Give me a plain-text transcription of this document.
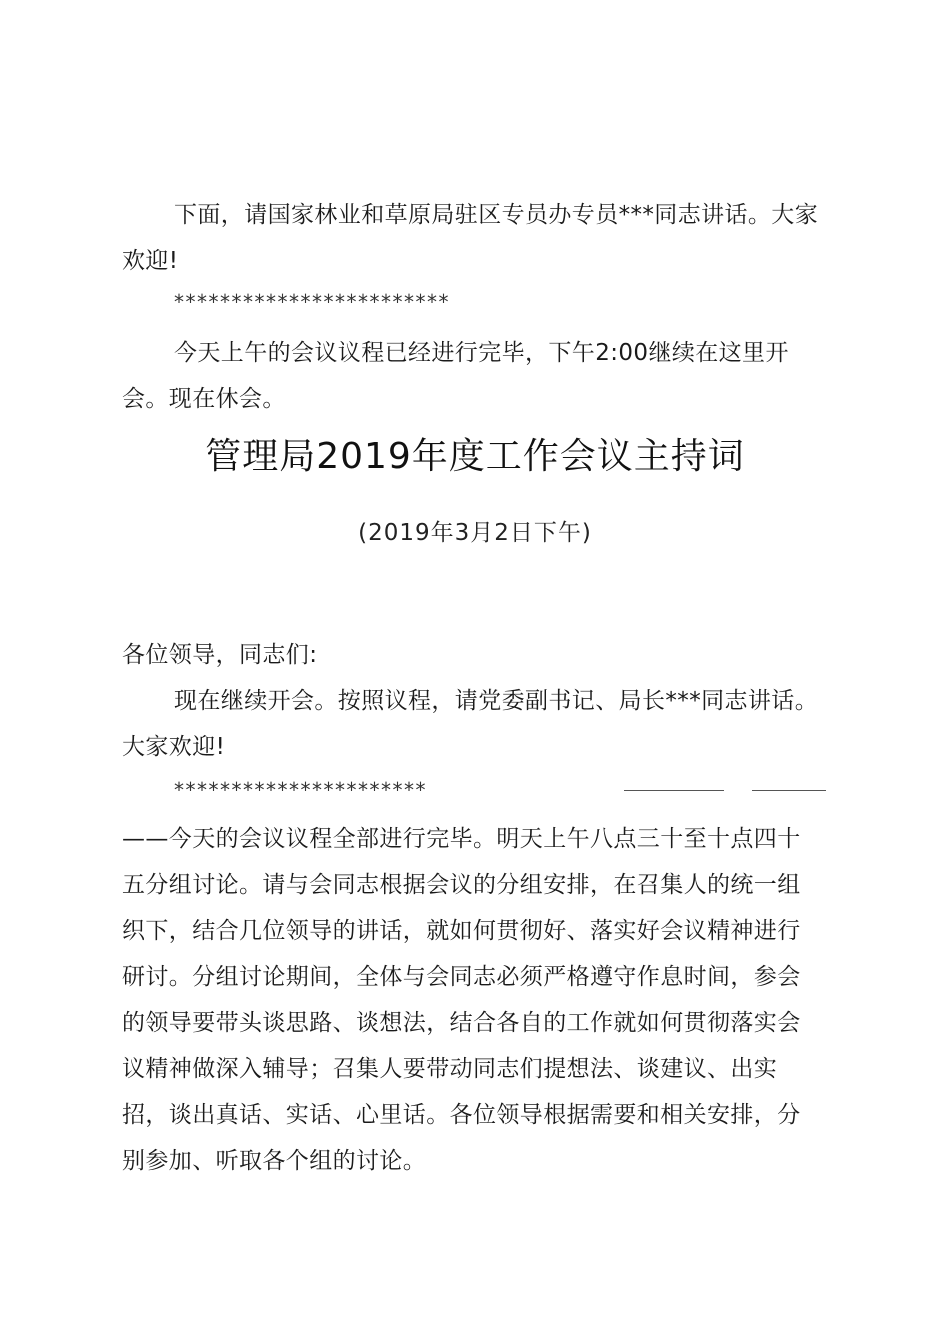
下面，请国家林业和草原局驻区专员办专员***同志讲话。大家欢迎!

************************

今天上午的会议议程已经进行完毕，下午2:00继续在这里开会。现在休会。

管理局2019年度工作会议主持词
(2019年3月2日下午)

各位领导，同志们:

现在继续开会。按照议程，请党委副书记、局长***同志讲话。大家欢迎!

**********************

——今天的会议议程全部进行完毕。明天上午八点三十至十点四十五分组讨论。请与会同志根据会议的分组安排，在召集人的统一组织下，结合几位领导的讲话，就如何贯彻好、落实好会议精神进行研讨。分组讨论期间，全体与会同志必须严格遵守作息时间，参会的领导要带头谈思路、谈想法，结合各自的工作就如何贯彻落实会议精神做深入辅导；召集人要带动同志们提想法、谈建议、出实招，谈出真话、实话、心里话。各位领导根据需要和相关安排，分别参加、听取各个组的讨论。
